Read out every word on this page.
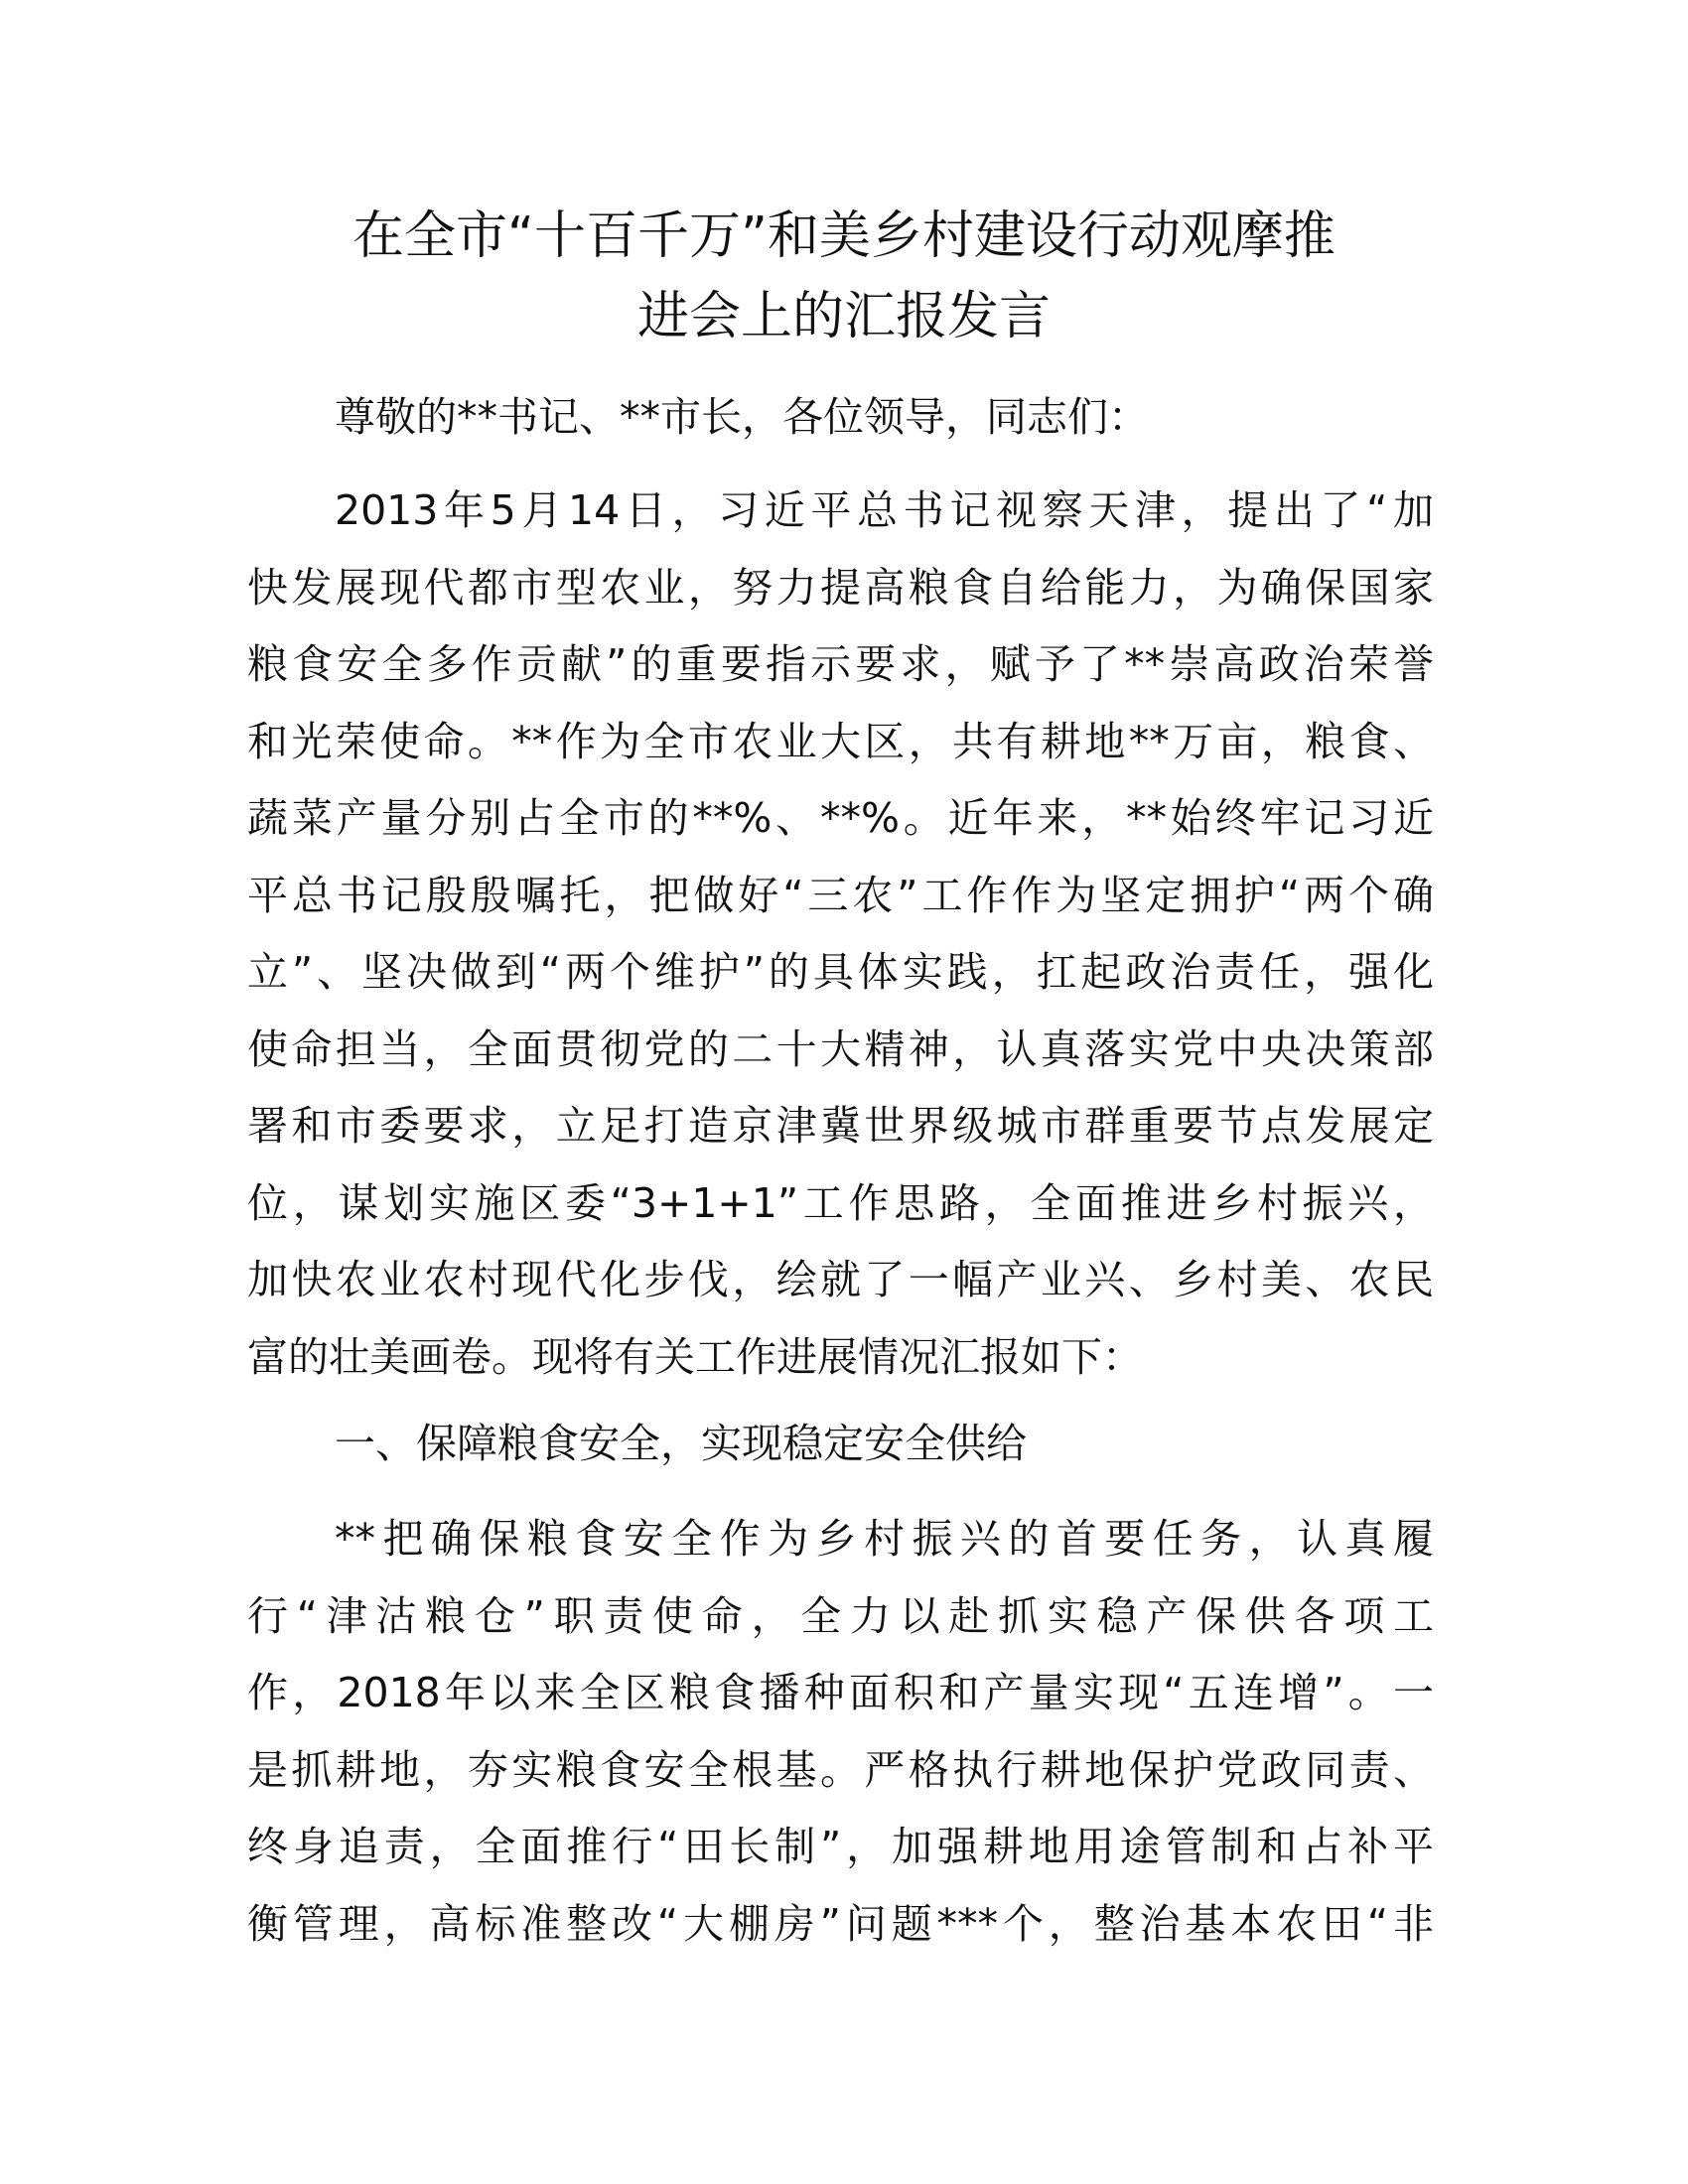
在全市“十百千万”和美乡村建设行动观摩推
进会上的汇报发言

尊敬的**书记、**市长，各位领导，同志们：

2013年5月14日，习近平总书记视察天津，提出了“加
快发展现代都市型农业，努力提高粮食自给能力，为确保国家
粮食安全多作贡献”的重要指示要求，赋予了**崇高政治荣誉
和光荣使命。**作为全市农业大区，共有耕地**万亩，粮食、
蔬菜产量分别占全市的**%、**%。近年来，**始终牢记习近
平总书记殷殷嘱托，把做好“三农”工作作为坚定拥护“两个确
立”、坚决做到“两个维护”的具体实践，扛起政治责任，强化
使命担当，全面贯彻党的二十大精神，认真落实党中央决策部
署和市委要求，立足打造京津冀世界级城市群重要节点发展定
位，谋划实施区委“3+1+1”工作思路，全面推进乡村振兴，
加快农业农村现代化步伐，绘就了一幅产业兴、乡村美、农民
富的壮美画卷。现将有关工作进展情况汇报如下：

一、保障粮食安全，实现稳定安全供给

**把确保粮食安全作为乡村振兴的首要任务，认真履
行“津沽粮仓”职责使命，全力以赴抓实稳产保供各项工
作，2018年以来全区粮食播种面积和产量实现“五连增”。一
是抓耕地，夯实粮食安全根基。严格执行耕地保护党政同责、
终身追责，全面推行“田长制”，加强耕地用途管制和占补平
衡管理，高标准整改“大棚房”问题***个，整治基本农田“非
